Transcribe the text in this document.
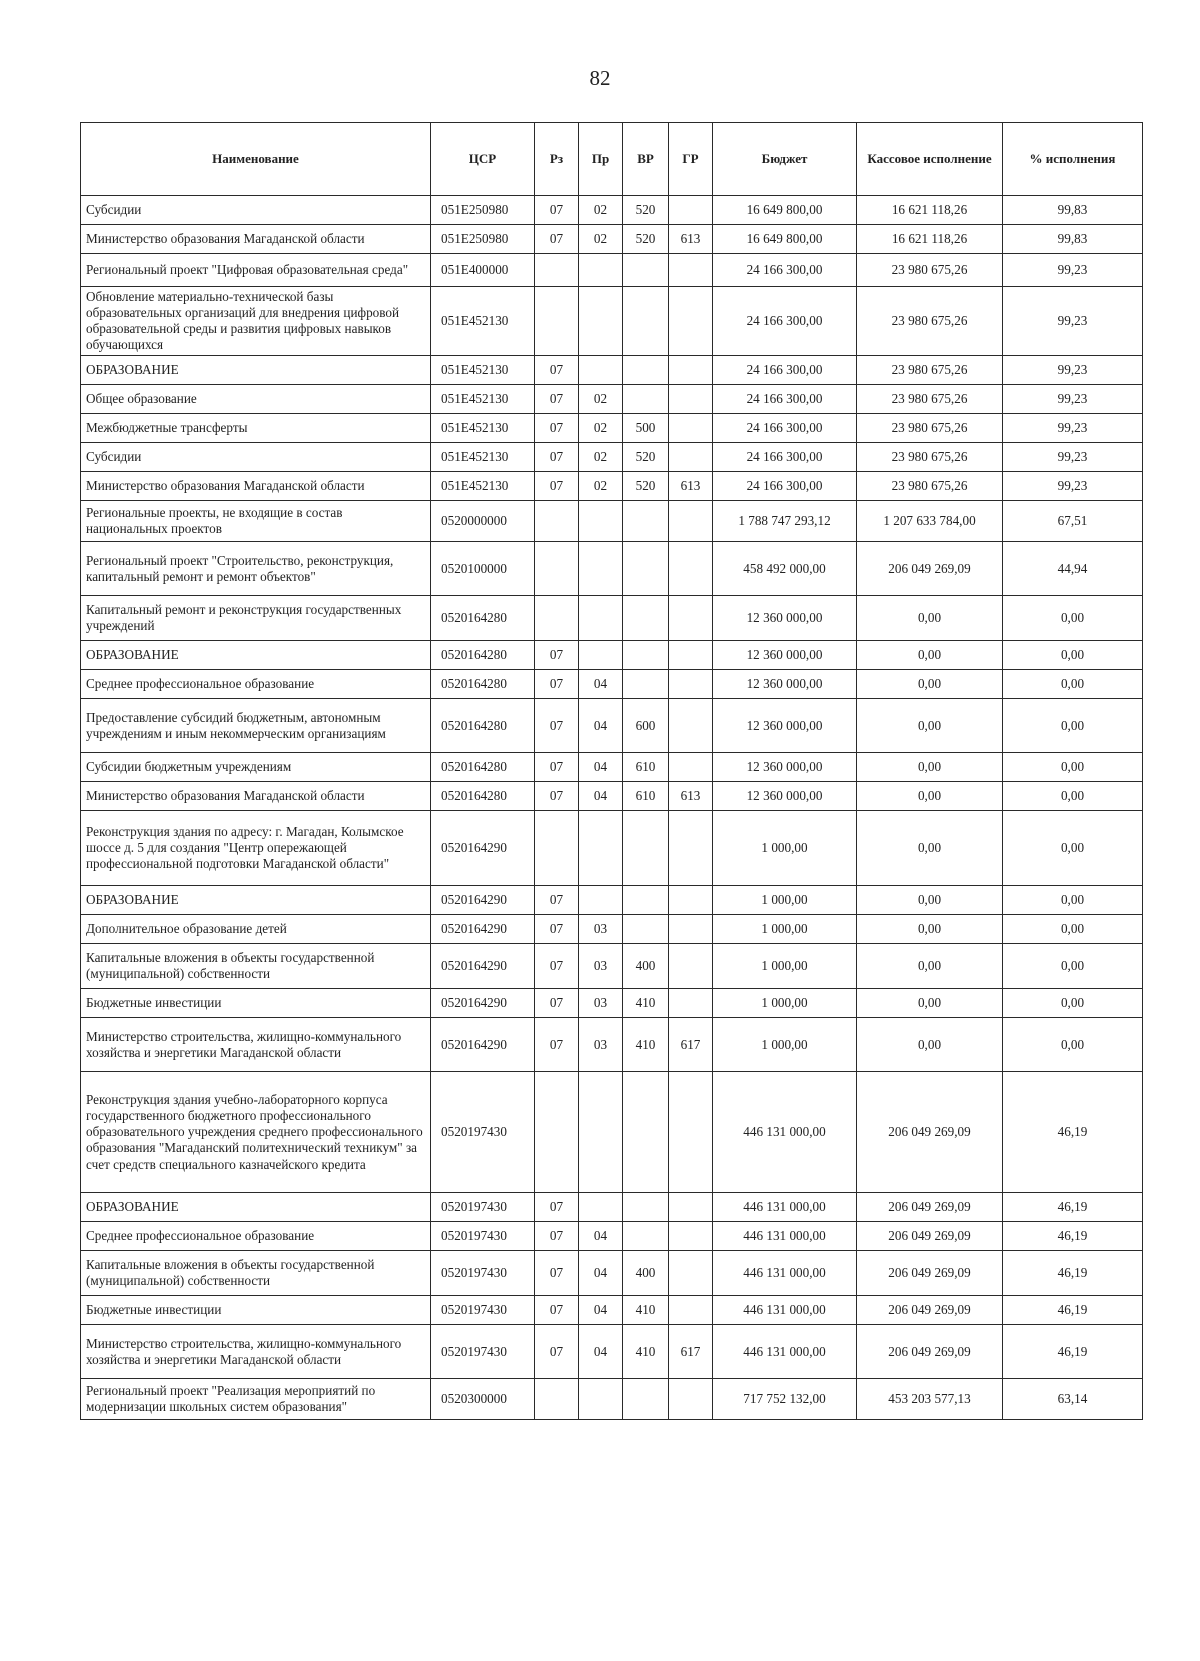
82
Наименование	ЦСР	Рз	Пр	ВР	ГР	Бюджет	Кассовое исполнение	% исполнения
Субсидии	051E250980	07	02	520		16 649 800,00	16 621 118,26	99,83
Министерство образования Магаданской области	051E250980	07	02	520	613	16 649 800,00	16 621 118,26	99,83
Региональный проект "Цифровая образовательная среда"	051E400000					24 166 300,00	23 980 675,26	99,23
Обновление материально-технической базы образовательных организаций для внедрения цифровой образовательной среды и развития цифровых навыков обучающихся	051E452130					24 166 300,00	23 980 675,26	99,23
ОБРАЗОВАНИЕ	051E452130	07				24 166 300,00	23 980 675,26	99,23
Общее образование	051E452130	07	02			24 166 300,00	23 980 675,26	99,23
Межбюджетные трансферты	051E452130	07	02	500		24 166 300,00	23 980 675,26	99,23
Субсидии	051E452130	07	02	520		24 166 300,00	23 980 675,26	99,23
Министерство образования Магаданской области	051E452130	07	02	520	613	24 166 300,00	23 980 675,26	99,23
Региональные проекты, не входящие в состав национальных проектов	0520000000					1 788 747 293,12	1 207 633 784,00	67,51
Региональный проект "Строительство, реконструкция, капитальный ремонт и ремонт объектов"	0520100000					458 492 000,00	206 049 269,09	44,94
Капитальный ремонт и реконструкция государственных учреждений	0520164280					12 360 000,00	0,00	0,00
ОБРАЗОВАНИЕ	0520164280	07				12 360 000,00	0,00	0,00
Среднее профессиональное образование	0520164280	07	04			12 360 000,00	0,00	0,00
Предоставление субсидий бюджетным, автономным учреждениям и иным некоммерческим организациям	0520164280	07	04	600		12 360 000,00	0,00	0,00
Субсидии бюджетным учреждениям	0520164280	07	04	610		12 360 000,00	0,00	0,00
Министерство образования Магаданской области	0520164280	07	04	610	613	12 360 000,00	0,00	0,00
Реконструкция здания по адресу: г. Магадан, Колымское шоссе д. 5 для создания "Центр опережающей профессиональной подготовки Магаданской области"	0520164290					1 000,00	0,00	0,00
ОБРАЗОВАНИЕ	0520164290	07				1 000,00	0,00	0,00
Дополнительное образование детей	0520164290	07	03			1 000,00	0,00	0,00
Капитальные вложения в объекты государственной (муниципальной) собственности	0520164290	07	03	400		1 000,00	0,00	0,00
Бюджетные инвестиции	0520164290	07	03	410		1 000,00	0,00	0,00
Министерство строительства, жилищно-коммунального хозяйства и энергетики Магаданской области	0520164290	07	03	410	617	1 000,00	0,00	0,00
Реконструкция здания учебно-лабораторного корпуса государственного бюджетного профессионального образовательного учреждения среднего профессионального образования "Магаданский политехнический техникум" за счет средств специального казначейского кредита	0520197430					446 131 000,00	206 049 269,09	46,19
ОБРАЗОВАНИЕ	0520197430	07				446 131 000,00	206 049 269,09	46,19
Среднее профессиональное образование	0520197430	07	04			446 131 000,00	206 049 269,09	46,19
Капитальные вложения в объекты государственной (муниципальной) собственности	0520197430	07	04	400		446 131 000,00	206 049 269,09	46,19
Бюджетные инвестиции	0520197430	07	04	410		446 131 000,00	206 049 269,09	46,19
Министерство строительства, жилищно-коммунального хозяйства и энергетики Магаданской области	0520197430	07	04	410	617	446 131 000,00	206 049 269,09	46,19
Региональный проект "Реализация мероприятий по модернизации школьных систем образования"	0520300000					717 752 132,00	453 203 577,13	63,14
